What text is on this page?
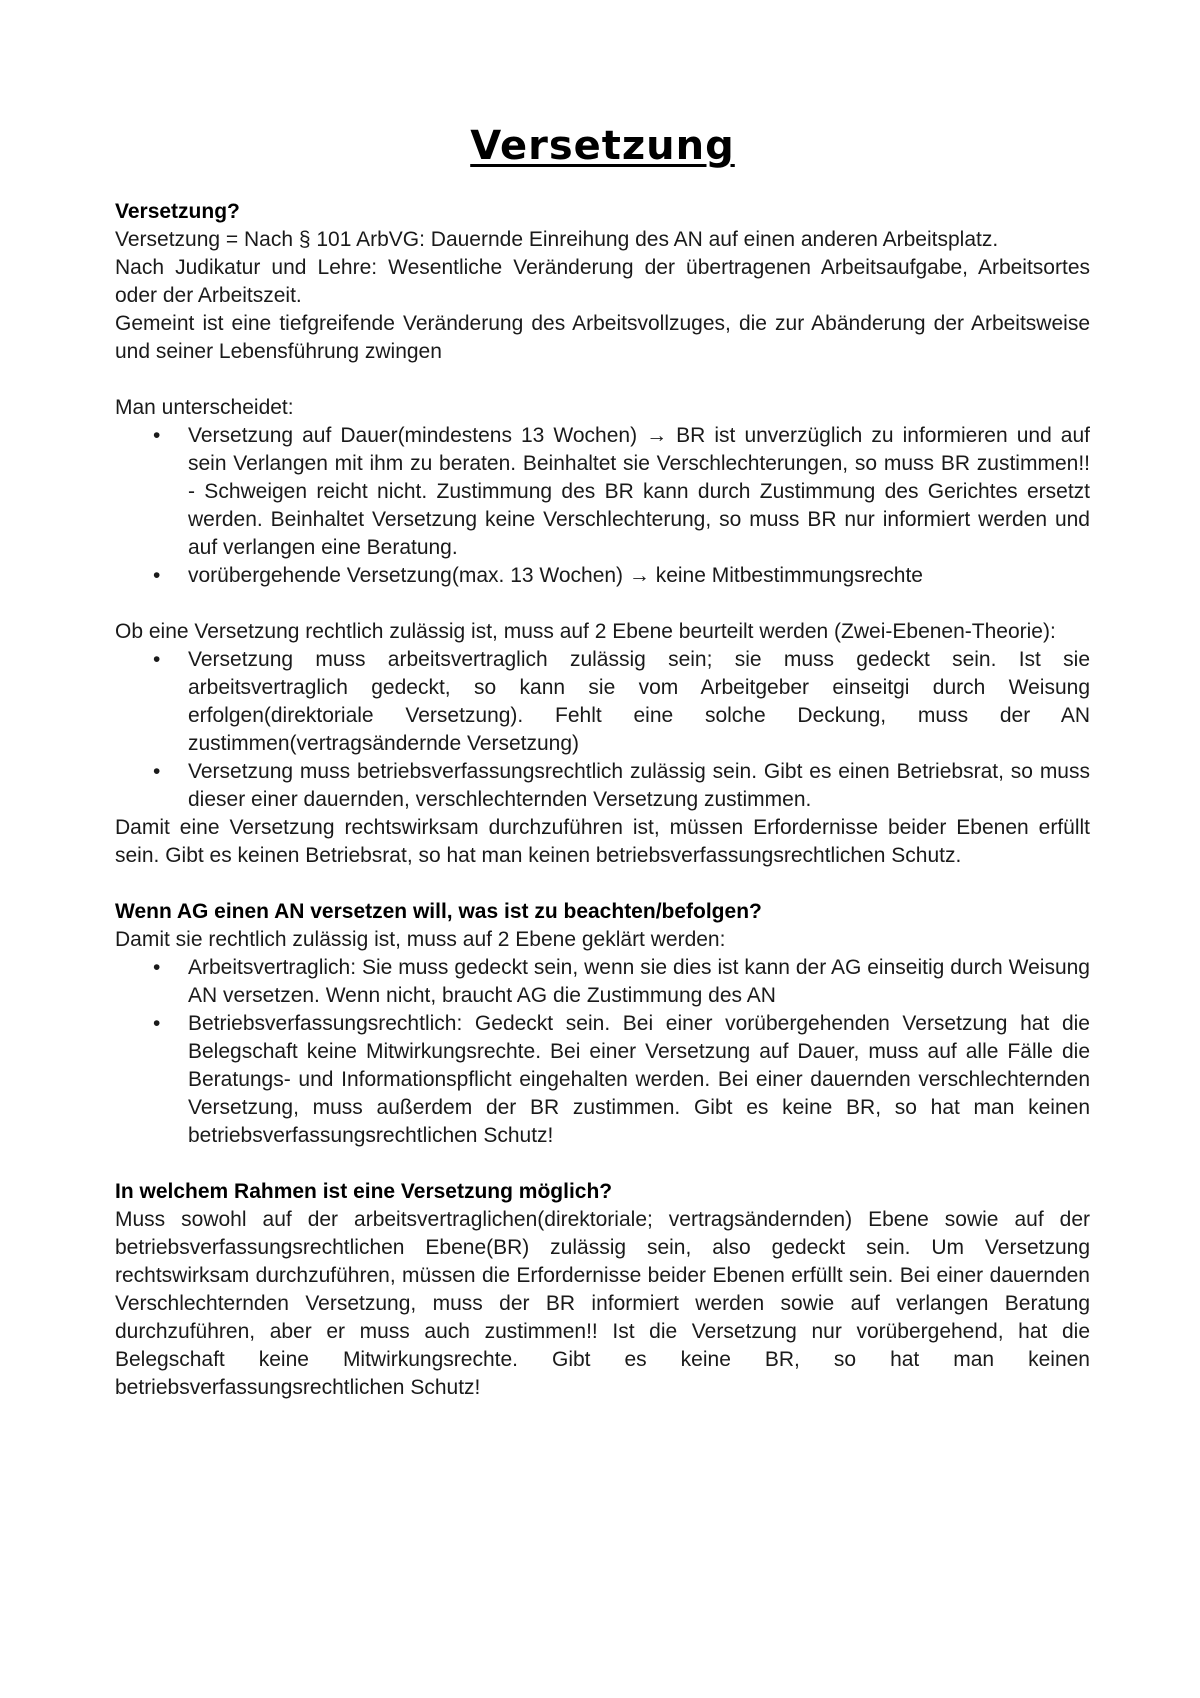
Versetzung

Versetzung?

Versetzung = Nach § 101 ArbVG: Dauernde Einreihung des AN auf einen anderen Arbeitsplatz.

Nach Judikatur und Lehre: Wesentliche Veränderung der übertragenen Arbeitsaufgabe, Arbeitsortes oder der Arbeitszeit.

Gemeint ist eine tiefgreifende Veränderung des Arbeitsvollzuges, die zur Abänderung der Arbeitsweise und seiner Lebensführung zwingen

Man unterscheidet:

• Versetzung auf Dauer(mindestens 13 Wochen) → BR ist unverzüglich zu informieren und auf sein Verlangen mit ihm zu beraten. Beinhaltet sie Verschlechterungen, so muss BR zustimmen!! - Schweigen reicht nicht. Zustimmung des BR kann durch Zustimmung des Gerichtes ersetzt werden. Beinhaltet Versetzung keine Verschlechterung, so muss BR nur informiert werden und auf verlangen eine Beratung.
• vorübergehende Versetzung(max. 13 Wochen) → keine Mitbestimmungsrechte

Ob eine Versetzung rechtlich zulässig ist, muss auf 2 Ebene beurteilt werden (Zwei-Ebenen-Theorie):

• Versetzung muss arbeitsvertraglich zulässig sein; sie muss gedeckt sein. Ist sie arbeitsvertraglich gedeckt, so kann sie vom Arbeitgeber einseitgi durch Weisung erfolgen(direktoriale Versetzung). Fehlt eine solche Deckung, muss der AN zustimmen(vertragsändernde Versetzung)
• Versetzung muss betriebsverfassungsrechtlich zulässig sein. Gibt es einen Betriebsrat, so muss dieser einer dauernden, verschlechternden Versetzung zustimmen.

Damit eine Versetzung rechtswirksam durchzuführen ist, müssen Erfordernisse beider Ebenen erfüllt sein. Gibt es keinen Betriebsrat, so hat man keinen betriebsverfassungsrechtlichen Schutz.

Wenn AG einen AN versetzen will, was ist zu beachten/befolgen?

Damit sie rechtlich zulässig ist, muss auf 2 Ebene geklärt werden:

• Arbeitsvertraglich: Sie muss gedeckt sein, wenn sie dies ist kann der AG einseitig durch Weisung AN versetzen. Wenn nicht, braucht AG die Zustimmung des AN
• Betriebsverfassungsrechtlich: Gedeckt sein. Bei einer vorübergehenden Versetzung hat die Belegschaft keine Mitwirkungsrechte. Bei einer Versetzung auf Dauer, muss auf alle Fälle die Beratungs- und Informationspflicht eingehalten werden. Bei einer dauernden verschlechternden Versetzung, muss außerdem der BR zustimmen. Gibt es keine BR, so hat man keinen betriebsverfassungsrechtlichen Schutz!

In welchem Rahmen ist eine Versetzung möglich?

Muss sowohl auf der arbeitsvertraglichen(direktoriale; vertragsändernden) Ebene sowie auf der betriebsverfassungsrechtlichen Ebene(BR) zulässig sein, also gedeckt sein. Um Versetzung rechtswirksam durchzuführen, müssen die Erfordernisse beider Ebenen erfüllt sein. Bei einer dauernden Verschlechternden Versetzung, muss der BR informiert werden sowie auf verlangen Beratung durchzuführen, aber er muss auch zustimmen!! Ist die Versetzung nur vorübergehend, hat die Belegschaft keine Mitwirkungsrechte. Gibt es keine BR, so hat man keinen betriebsverfassungsrechtlichen Schutz!
